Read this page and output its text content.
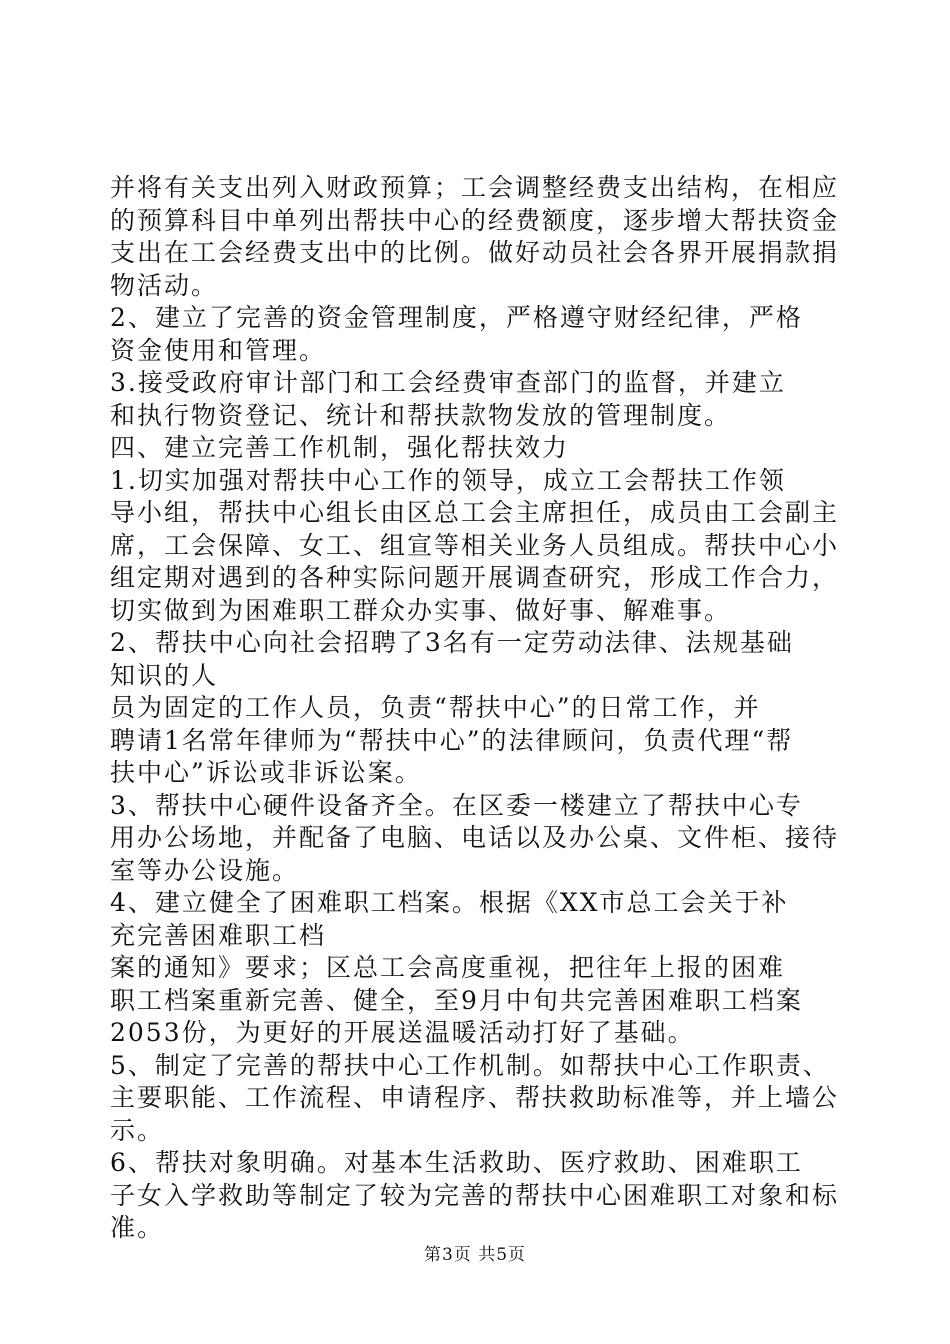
并将有关支出列入财政预算；工会调整经费支出结构，在相应
的预算科目中单列出帮扶中心的经费额度，逐步增大帮扶资金
支出在工会经费支出中的比例。做好动员社会各界开展捐款捐
物活动。
2、建立了完善的资金管理制度，严格遵守财经纪律，严格
资金使用和管理。
3.接受政府审计部门和工会经费审查部门的监督，并建立
和执行物资登记、统计和帮扶款物发放的管理制度。
四、建立完善工作机制，强化帮扶效力
1.切实加强对帮扶中心工作的领导，成立工会帮扶工作领
导小组，帮扶中心组长由区总工会主席担任，成员由工会副主
席，工会保障、女工、组宣等相关业务人员组成。帮扶中心小
组定期对遇到的各种实际问题开展调查研究，形成工作合力，
切实做到为困难职工群众办实事、做好事、解难事。
2、帮扶中心向社会招聘了3名有一定劳动法律、法规基础
知识的人
员为固定的工作人员，负责“帮扶中心”的日常工作，并
聘请1名常年律师为“帮扶中心”的法律顾问，负责代理“帮
扶中心”诉讼或非诉讼案。
3、帮扶中心硬件设备齐全。在区委一楼建立了帮扶中心专
用办公场地，并配备了电脑、电话以及办公桌、文件柜、接待
室等办公设施。
4、建立健全了困难职工档案。根据《XX市总工会关于补
充完善困难职工档
案的通知》要求；区总工会高度重视，把往年上报的困难
职工档案重新完善、健全，至9月中旬共完善困难职工档案
2053份，为更好的开展送温暖活动打好了基础。
5、制定了完善的帮扶中心工作机制。如帮扶中心工作职责、
主要职能、工作流程、申请程序、帮扶救助标准等，并上墙公
示。
6、帮扶对象明确。对基本生活救助、医疗救助、困难职工
子女入学救助等制定了较为完善的帮扶中心困难职工对象和标
准。
第3页 共5页
